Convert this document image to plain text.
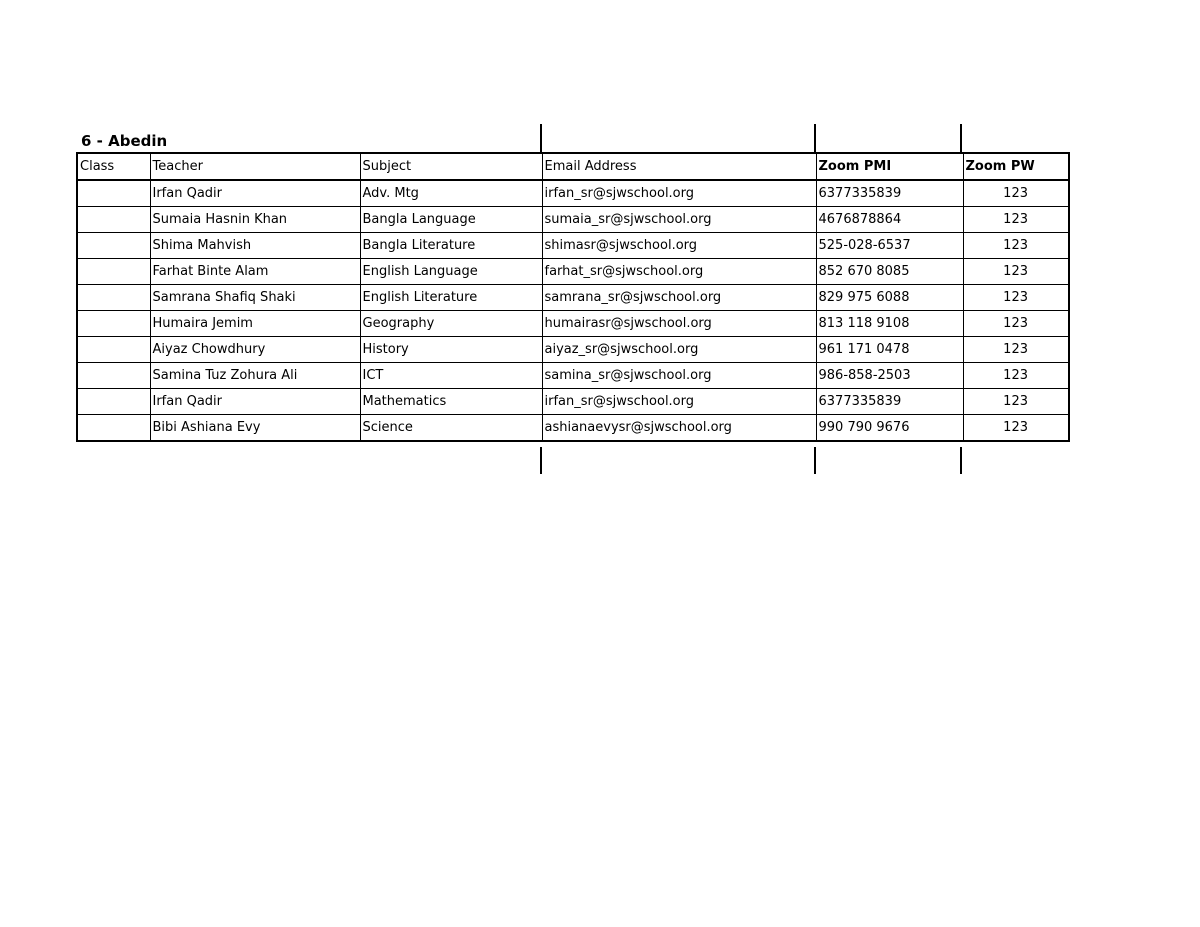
6 - Abedin
Class	Teacher	Subject	Email Address	Zoom PMI	Zoom PW
	Irfan Qadir	Adv. Mtg	irfan_sr@sjwschool.org	6377335839	123
	Sumaia Hasnin Khan	Bangla Language	sumaia_sr@sjwschool.org	4676878864	123
	Shima Mahvish	Bangla Literature	shimasr@sjwschool.org	525-028-6537	123
	Farhat Binte Alam	English Language	farhat_sr@sjwschool.org	852 670 8085	123
	Samrana Shafiq Shaki	English Literature	samrana_sr@sjwschool.org	829 975 6088	123
	Humaira Jemim	Geography	humairasr@sjwschool.org	813 118 9108	123
	Aiyaz Chowdhury	History	aiyaz_sr@sjwschool.org	961 171 0478	123
	Samina Tuz Zohura Ali	ICT	samina_sr@sjwschool.org	986-858-2503	123
	Irfan Qadir	Mathematics	irfan_sr@sjwschool.org	6377335839	123
	Bibi Ashiana Evy	Science	ashianaevysr@sjwschool.org	990 790 9676	123
